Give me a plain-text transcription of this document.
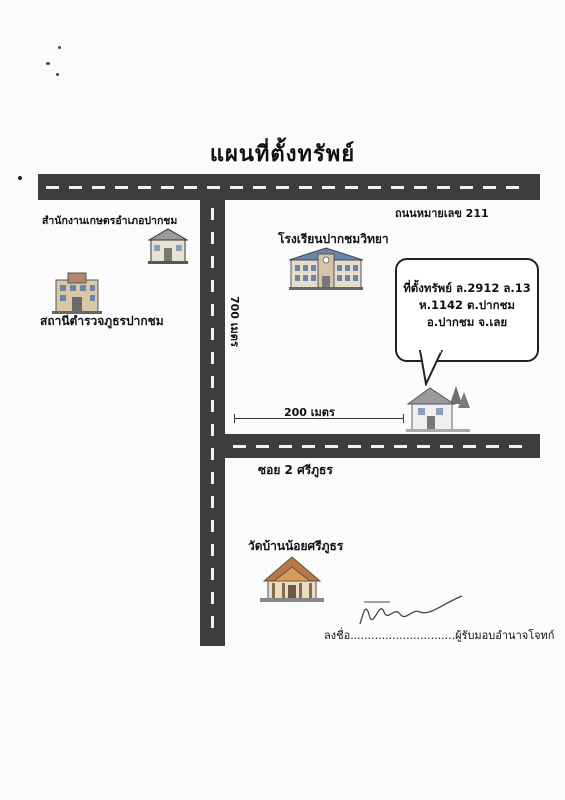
แผนที่ตั้งทรัพย์
ถนนหมายเลข 211
ซอย 2 ศรีภูธร
700 เมตร
200 เมตร
สำนักงานเกษตรอำเภอปากชม
สถานีตำรวจภูธรปากชม
โรงเรียนปากชมวิทยา
ที่ตั้งทรัพย์ ล.2912 ล.13
ห.1142 ต.ปากชม
อ.ปากชม จ.เลย
วัดบ้านน้อยศรีภูธร
ลงชื่อ..............................ผู้รับมอบอำนาจโจทก์
